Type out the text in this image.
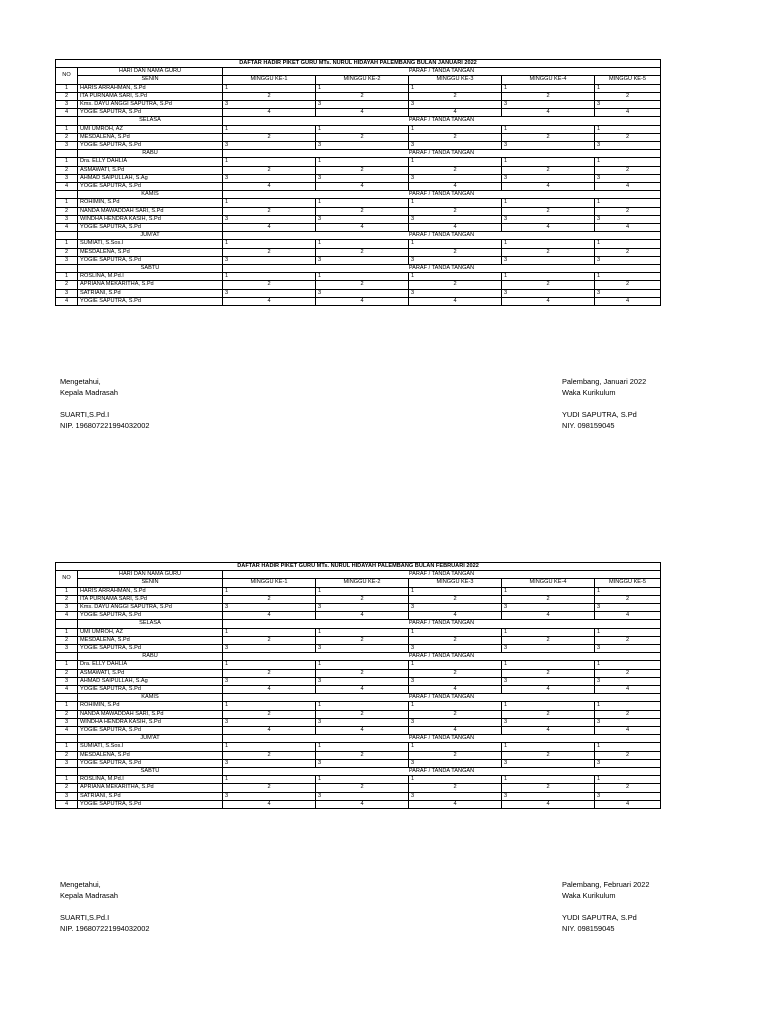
DAFTAR HADIR PIKET GURU MTs. NURUL HIDAYAH PALEMBANG BULAN JANUARI 2022						
NO	HARI DAN NAMA GURU	PARAF / TANDA TANGAN				
	SENIN	MINGGU KE-1	MINGGU KE-2	MINGGU KE-3	MINGGU KE-4	MINGGU KE-5
1	HARIS ARRAHMAN, S.Pd	1	1	1	1	1
2	ITA PURNAMA SARI, S.Pd	2	2	2	2	2
3	Kms. DAYU ANGGI SAPUTRA, S.Pd	3	3	3	3	3
4	YOGIE SAPUTRA, S.Pd	4	4	4	4	4
	SELASA	PARAF / TANDA TANGAN				
1	UMI UMROH, AZ	1	1	1	1	1
2	MESDALENA, S.Pd	2	2	2	2	2
3	YOGIE SAPUTRA, S.Pd	3	3	3	3	3
	RABU	PARAF / TANDA TANGAN				
1	Dra. ELLY DAHLIA	1	1	1	1	1
2	ASMAWATI, S.Pd	2	2	2	2	2
3	AHMAD SAIPULLAH, S.Ag	3	3	3	3	3
4	YOGIE SAPUTRA, S.Pd	4	4	4	4	4
	KAMIS	PARAF / TANDA TANGAN				
1	ROHIMIN, S.Pd	1	1	1	1	1
2	NANDA MAWADDAH SARI, S.Pd	2	2	2	2	2
3	WINDHA HENDRA KASIH, S.Pd	3	3	3	3	3
4	YOGIE SAPUTRA, S.Pd	4	4	4	4	4
	JUM'AT	PARAF / TANDA TANGAN				
1	SUMIATI, S.Sos.I	1	1	1	1	1
2	MESDALENA, S.Pd	2	2	2	2	2
3	YOGIE SAPUTRA, S.Pd	3	3	3	3	3
	SABTU	PARAF / TANDA TANGAN				
1	ROSLINA, M.Pd.I	1	1	1	1	1
2	APRIANA MEKARITHA, S.Pd	2	2	2	2	2
3	SATRIANI, S.Pd	3	3	3	3	3
4	YOGIE SAPUTRA, S.Pd	4	4	4	4	4
Mengetahui,
Kepala Madrasah
SUARTI,S.Pd.I
NIP. 196807221994032002
Palembang, Januari 2022
Waka Kurikulum
YUDI SAPUTRA, S.Pd
NIY. 098159045
DAFTAR HADIR PIKET GURU MTs. NURUL HIDAYAH PALEMBANG BULAN FEBRUARI 2022						
NO	HARI DAN NAMA GURU	PARAF / TANDA TANGAN				
	SENIN	MINGGU KE-1	MINGGU KE-2	MINGGU KE-3	MINGGU KE-4	MINGGU KE-5
1	HARIS ARRAHMAN, S.Pd	1	1	1	1	1
2	ITA PURNAMA SARI, S.Pd	2	2	2	2	2
3	Kms. DAYU ANGGI SAPUTRA, S.Pd	3	3	3	3	3
4	YOGIE SAPUTRA, S.Pd	4	4	4	4	4
	SELASA	PARAF / TANDA TANGAN				
1	UMI UMROH, AZ	1	1	1	1	1
2	MESDALENA, S.Pd	2	2	2	2	2
3	YOGIE SAPUTRA, S.Pd	3	3	3	3	3
	RABU	PARAF / TANDA TANGAN				
1	Dra. ELLY DAHLIA	1	1	1	1	1
2	ASMAWATI, S.Pd	2	2	2	2	2
3	AHMAD SAIPULLAH, S.Ag	3	3	3	3	3
4	YOGIE SAPUTRA, S.Pd	4	4	4	4	4
	KAMIS	PARAF / TANDA TANGAN				
1	ROHIMIN, S.Pd	1	1	1	1	1
2	NANDA MAWADDAH SARI, S.Pd	2	2	2	2	2
3	WINDHA HENDRA KASIH, S.Pd	3	3	3	3	3
4	YOGIE SAPUTRA, S.Pd	4	4	4	4	4
	JUM'AT	PARAF / TANDA TANGAN				
1	SUMIATI, S.Sos.I	1	1	1	1	1
2	MESDALENA, S.Pd	2	2	2	2	2
3	YOGIE SAPUTRA, S.Pd	3	3	3	3	3
	SABTU	PARAF / TANDA TANGAN				
1	ROSLINA, M.Pd.I	1	1	1	1	1
2	APRIANA MEKARITHA, S.Pd	2	2	2	2	2
3	SATRIANI, S.Pd	3	3	3	3	3
4	YOGIE SAPUTRA, S.Pd	4	4	4	4	4
Mengetahui,
Kepala Madrasah
SUARTI,S.Pd.I
NIP. 196807221994032002
Palembang, Februari 2022
Waka Kurikulum
YUDI SAPUTRA, S.Pd
NIY. 098159045
